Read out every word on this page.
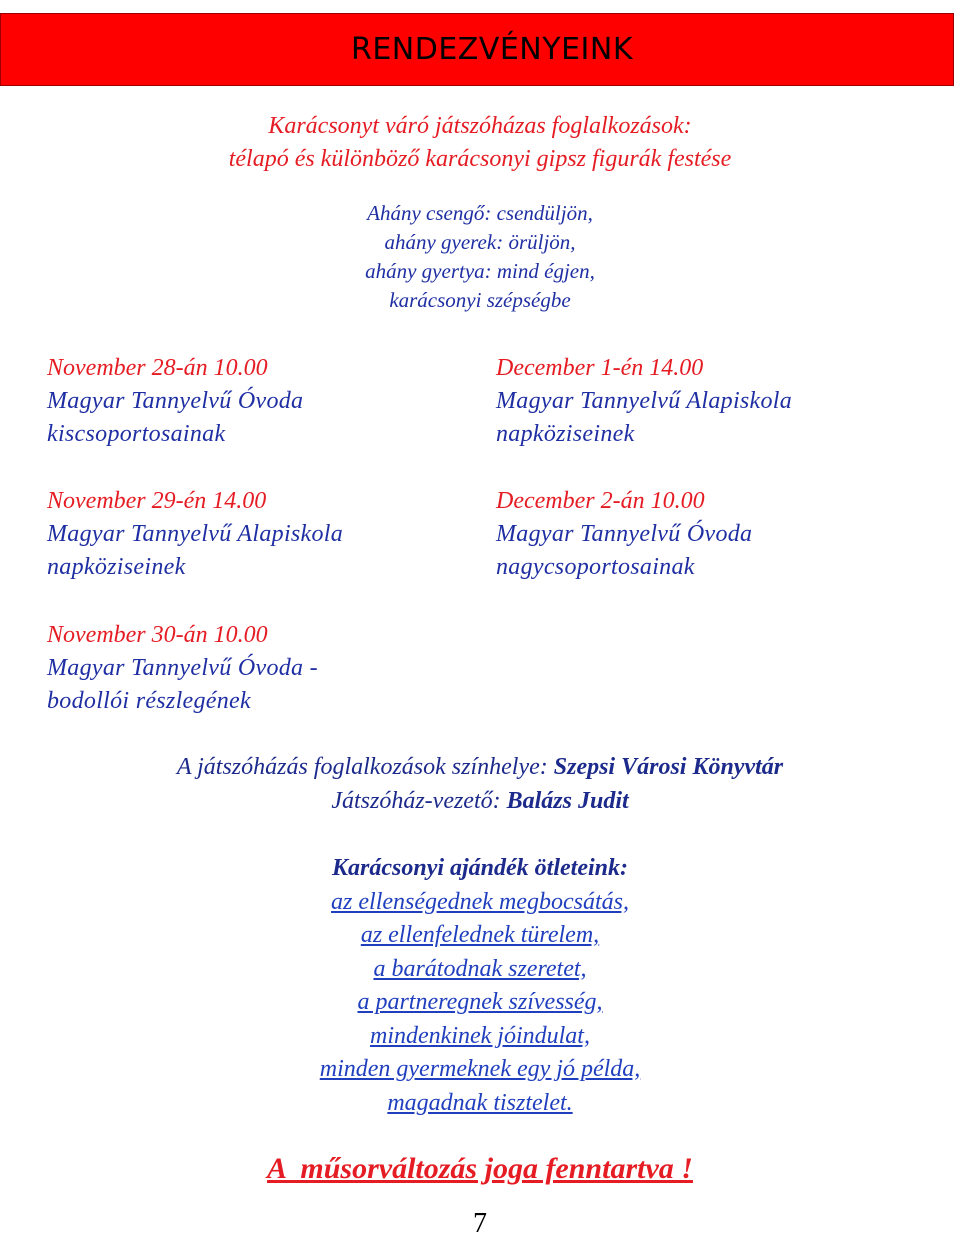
RENDEZVÉNYEINK
Karácsonyt váró játszóházas foglalkozások:
télapó és különböző karácsonyi gipsz figurák festése
Ahány csengő: csendüljön,
ahány gyerek: örüljön,
ahány gyertya: mind égjen,
karácsonyi szépségbe
November 28-án 10.00
Magyar Tannyelvű Óvoda
kiscsoportosainak
December 1-én 14.00
Magyar Tannyelvű Alapiskola
napköziseinek
November 29-én 14.00
Magyar Tannyelvű Alapiskola
napköziseinek
December 2-án 10.00
Magyar Tannyelvű Óvoda
nagycsoportosainak
November 30-án 10.00
Magyar Tannyelvű Óvoda -
bodollói részlegének
A játszóházás foglalkozások színhelye: Szepsi Városi Könyvtár
Játszóház-vezető: Balázs Judit
Karácsonyi ajándék ötleteink:
az ellenségednek megbocsátás,
az ellenfelednek türelem,
a barátodnak szeretet,
a partneregnek szívesség,
mindenkinek jóindulat,
minden gyermeknek egy jó példa,
magadnak tisztelet.
A  műsorváltozás joga fenntartva !
7
